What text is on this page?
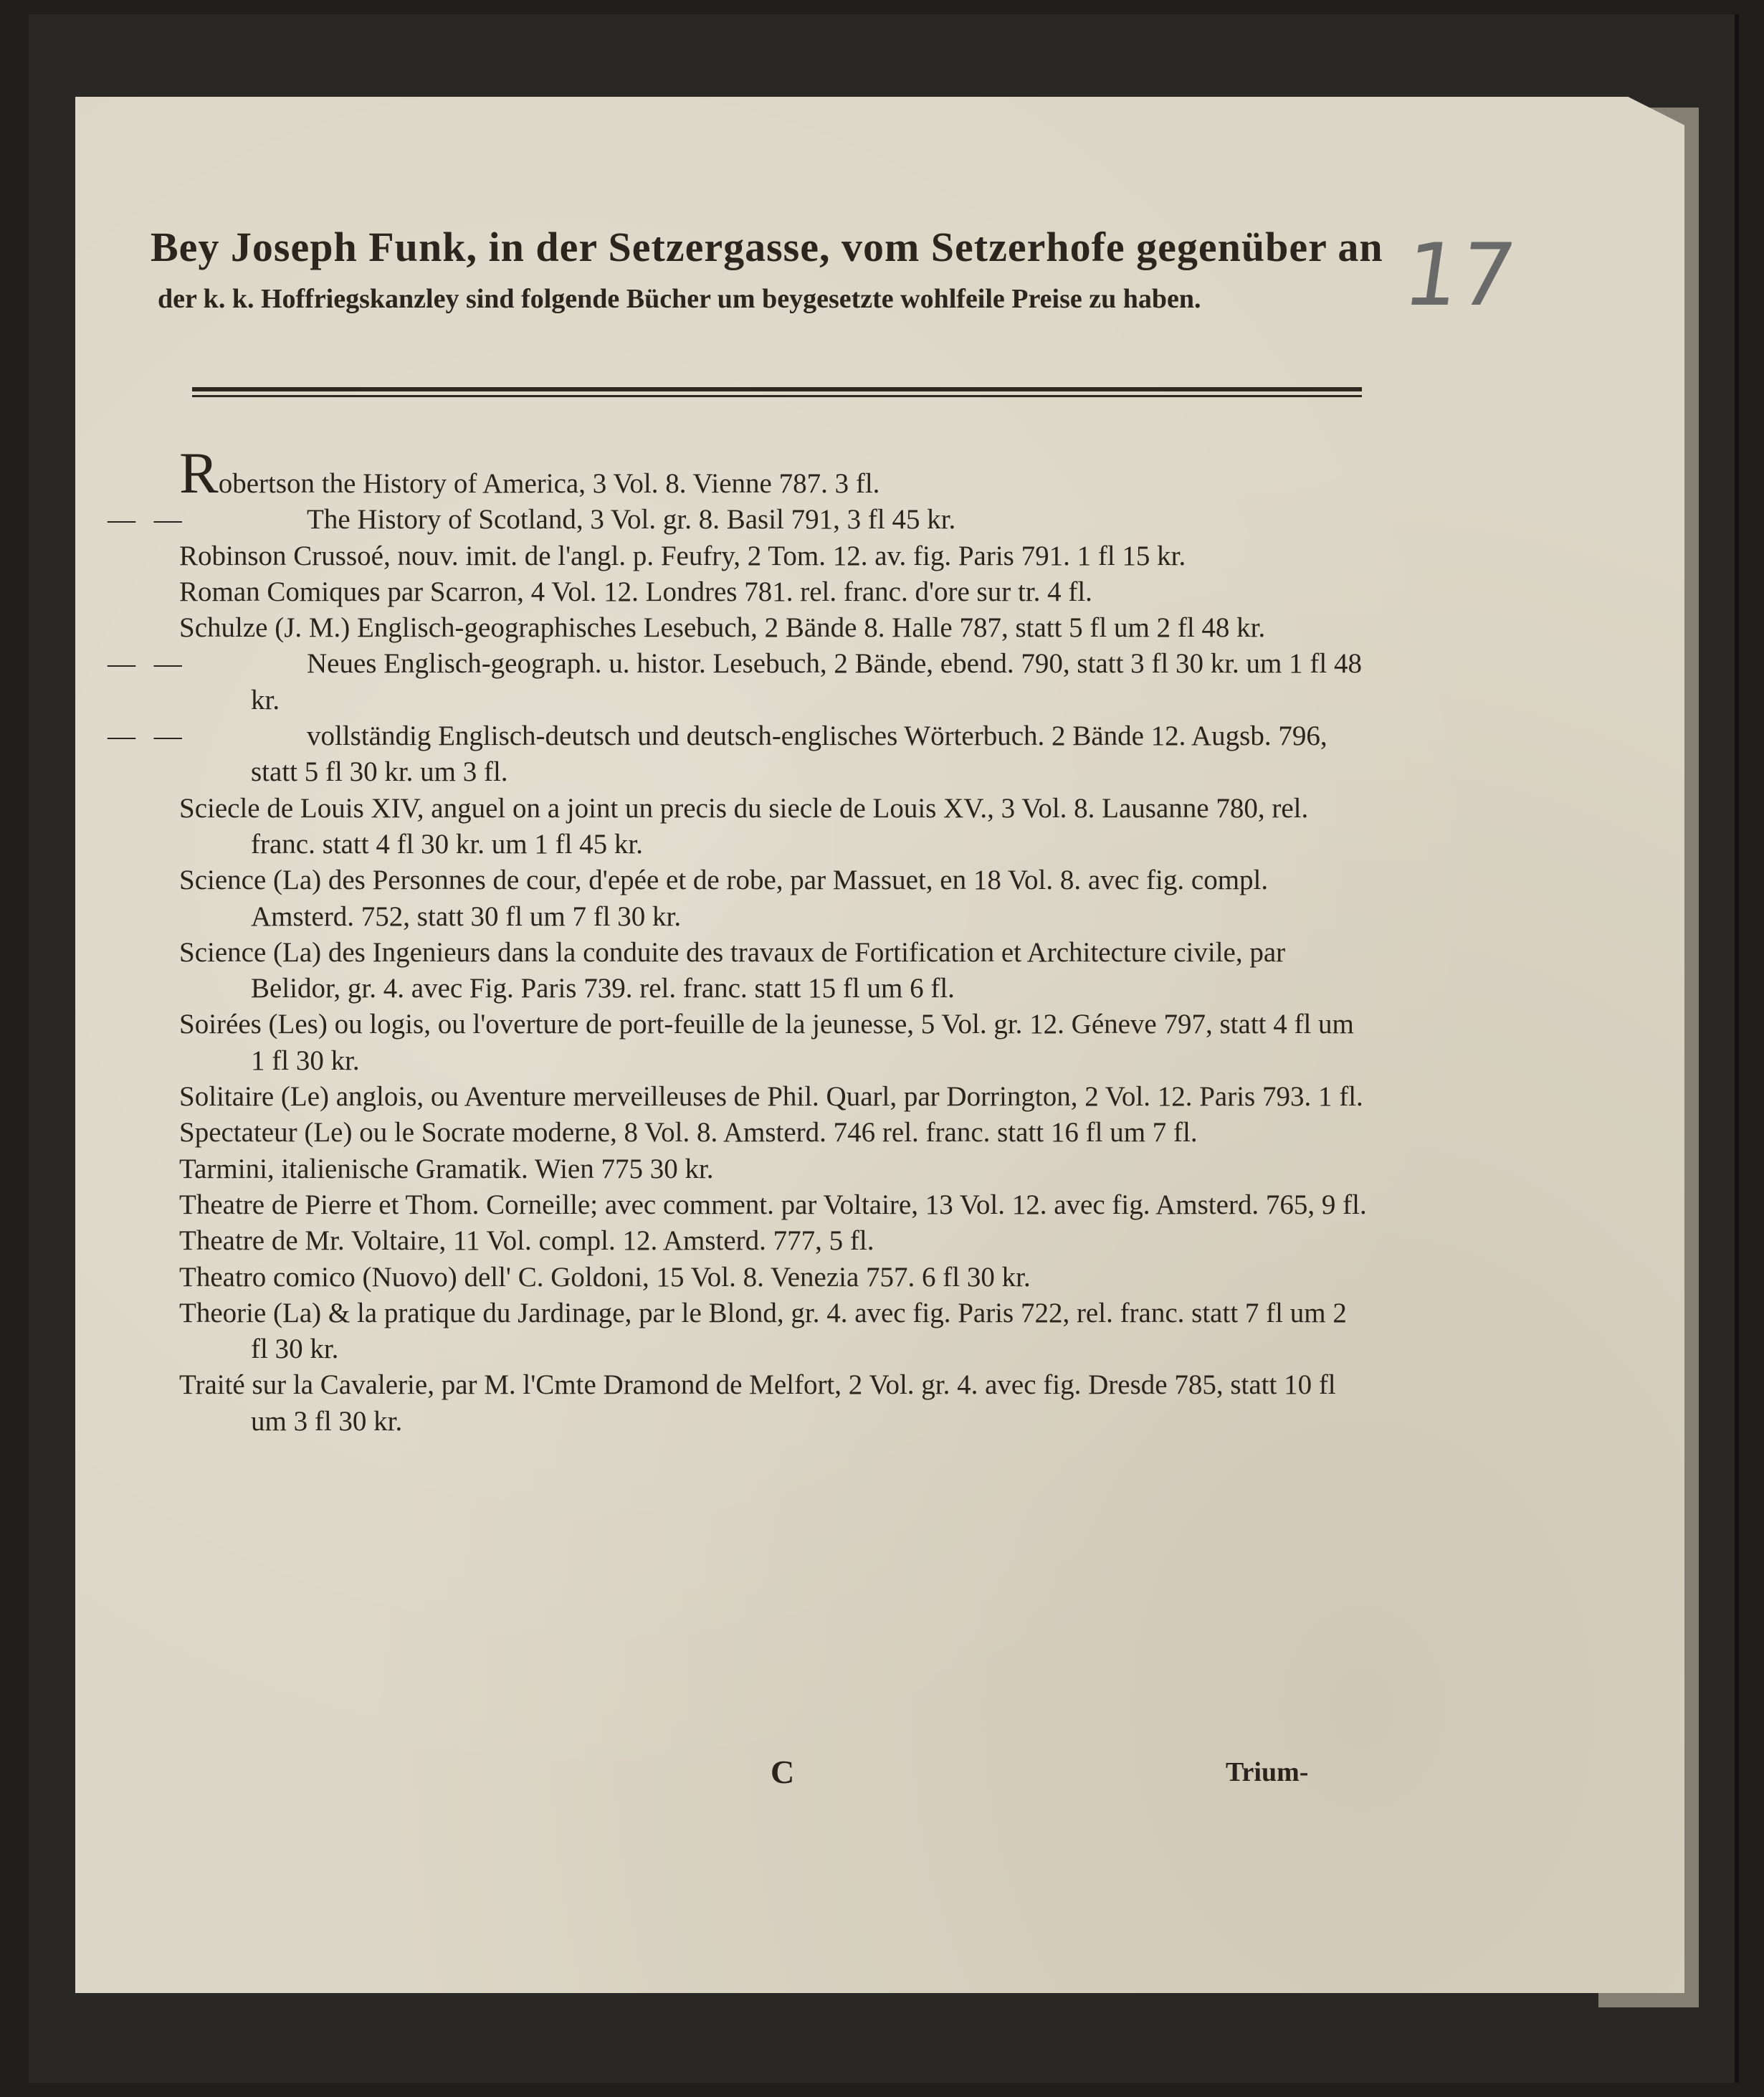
Bey Joseph Funk, in der Setzergasse, vom Setzerhofe gegenüber an
der k. k. Hoffriegskanzley sind folgende Bücher um beygesetzte wohlfeile Preise zu haben.	17

Robertson the History of America, 3 Vol. 8. Vienne 787. 3 fl.

— —	The History of Scotland, 3 Vol. gr. 8. Basil 791, 3 fl 45 kr.

Robinson Crussoé, nouv. imit. de l'angl. p. Feufry, 2 Tom. 12. av. fig. Paris 791. 1 fl 15 kr.

Roman Comiques par Scarron, 4 Vol. 12. Londres 781. rel. franc. d'ore sur tr. 4 fl.

Schulze (J. M.) Englisch-geographisches Lesebuch, 2 Bände 8. Halle 787, statt 5 fl um 2 fl 48 kr.

— —	Neues Englisch-geograph. u. histor. Lesebuch, 2 Bände, ebend. 790, statt 3 fl 30 kr. um 1 fl 48 kr.

— —	vollständig Englisch-deutsch und deutsch-englisches Wörterbuch. 2 Bände 12. Augsb. 796, statt 5 fl 30 kr. um 3 fl.

Sciecle de Louis XIV, anguel on a joint un precis du siecle de Louis XV., 3 Vol. 8. Lausanne 780, rel. franc. statt 4 fl 30 kr. um 1 fl 45 kr.

Science (La) des Personnes de cour, d'epée et de robe, par Massuet, en 18 Vol. 8. avec fig. compl. Amsterd. 752, statt 30 fl um 7 fl 30 kr.

Science (La) des Ingenieurs dans la conduite des travaux de Fortification et Architecture civile, par Belidor, gr. 4. avec Fig. Paris 739. rel. franc. statt 15 fl um 6 fl.

Soirées (Les) ou logis, ou l'overture de port-feuille de la jeunesse, 5 Vol. gr. 12. Géneve 797, statt 4 fl um 1 fl 30 kr.

Solitaire (Le) anglois, ou Aventure merveilleuses de Phil. Quarl, par Dorrington, 2 Vol. 12. Paris 793. 1 fl.

Spectateur (Le) ou le Socrate moderne, 8 Vol. 8. Amsterd. 746 rel. franc. statt 16 fl um 7 fl.

Tarmini, italienische Gramatik. Wien 775 30 kr.

Theatre de Pierre et Thom. Corneille; avec comment. par Voltaire, 13 Vol. 12. avec fig. Amsterd. 765, 9 fl.

Theatre de Mr. Voltaire, 11 Vol. compl. 12. Amsterd. 777, 5 fl.

Theatro comico (Nuovo) dell' C. Goldoni, 15 Vol. 8. Venezia 757. 6 fl 30 kr.

Theorie (La) & la pratique du Jardinage, par le Blond, gr. 4. avec fig. Paris 722, rel. franc. statt 7 fl um 2 fl 30 kr.

Traité sur la Cavalerie, par M. l'Cmte Dramond de Melfort, 2 Vol. gr. 4. avec fig. Dresde 785, statt 10 fl um 3 fl 30 kr.

C	Trium-
